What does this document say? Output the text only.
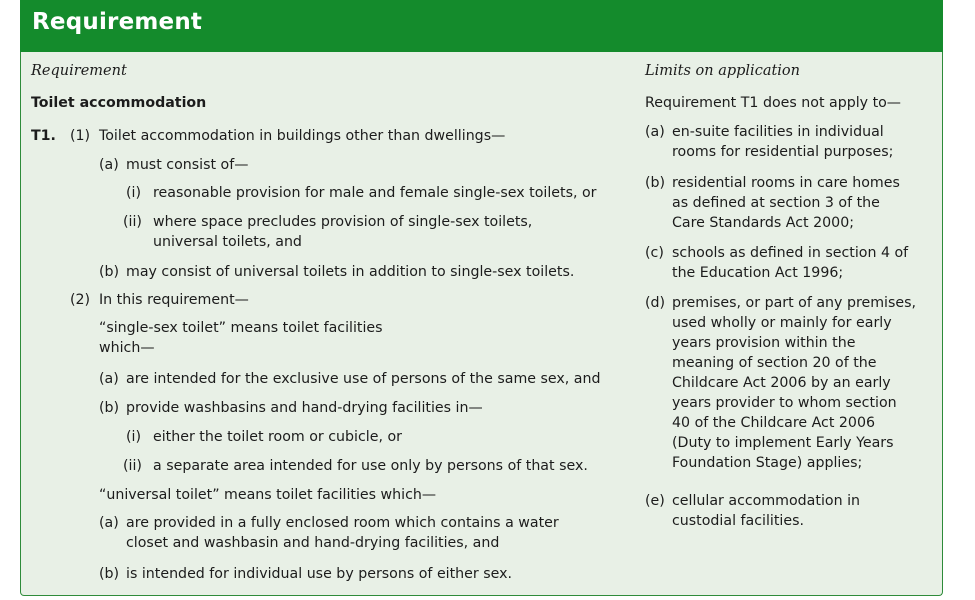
Requirement
Requirement
Toilet accommodation
T1. (1) Toilet accommodation in buildings other than dwellings—
(a) must consist of—
(i) reasonable provision for male and female single-sex toilets, or
(ii) where space precludes provision of single-sex toilets,
universal toilets, and
(b) may consist of universal toilets in addition to single-sex toilets.
(2) In this requirement—
“single-sex toilet” means toilet facilities
which—
(a) are intended for the exclusive use of persons of the same sex, and
(b) provide washbasins and hand-drying facilities in—
(i) either the toilet room or cubicle, or
(ii) a separate area intended for use only by persons of that sex.
“universal toilet” means toilet facilities which—
(a) are provided in a fully enclosed room which contains a water
closet and washbasin and hand-drying facilities, and
(b) is intended for individual use by persons of either sex.
Limits on application
Requirement T1 does not apply to—
(a) en-suite facilities in individual
rooms for residential purposes;
(b) residential rooms in care homes
as defined at section 3 of the
Care Standards Act 2000;
(c) schools as defined in section 4 of
the Education Act 1996;
(d) premises, or part of any premises,
used wholly or mainly for early
years provision within the
meaning of section 20 of the
Childcare Act 2006 by an early
years provider to whom section
40 of the Childcare Act 2006
(Duty to implement Early Years
Foundation Stage) applies;
(e) cellular accommodation in
custodial facilities.
